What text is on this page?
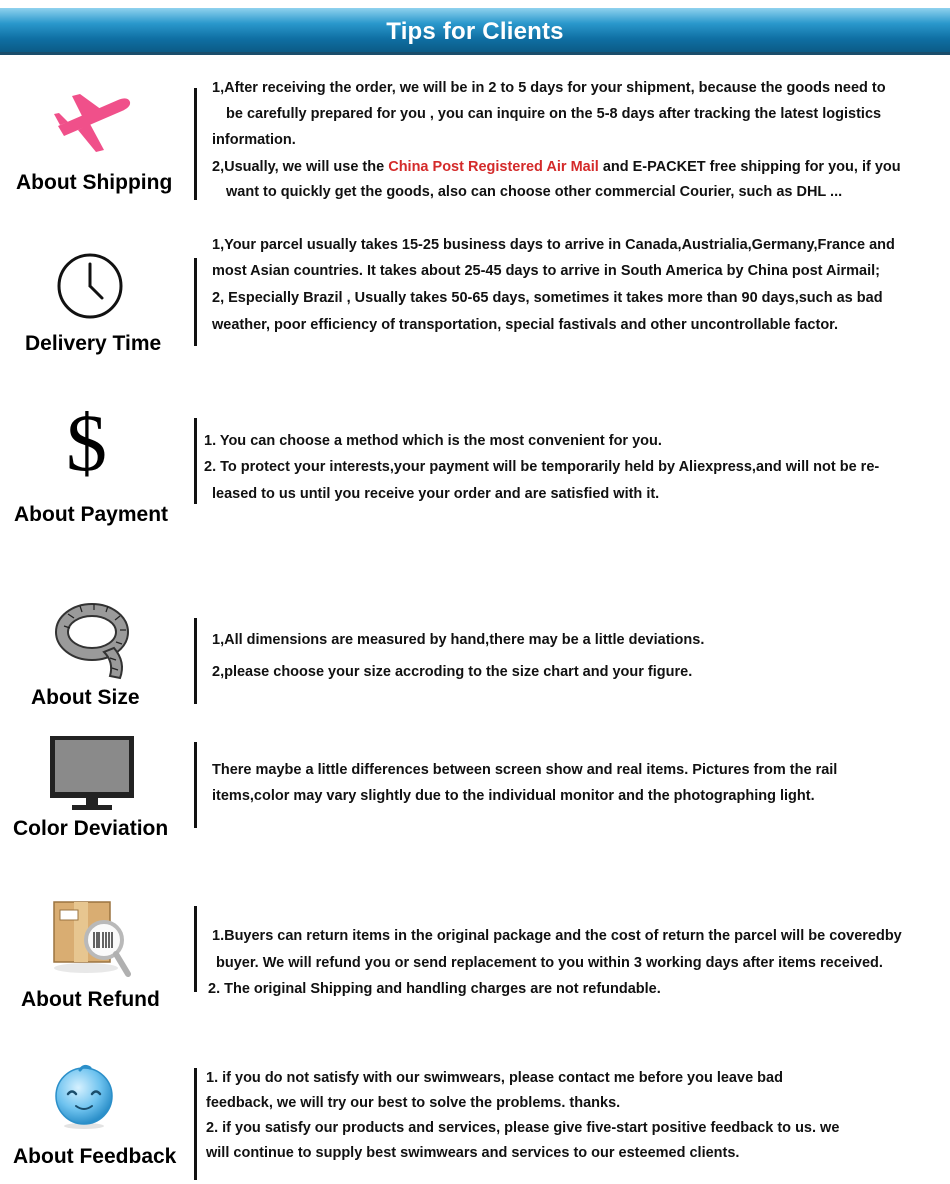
Tips for Clients
About Shipping
1,After receiving the order, we will be in 2 to 5 days for your shipment, because the goods need to
be carefully prepared for you , you can inquire on the 5-8 days after tracking the latest logistics
information.
2,Usually, we will use the China Post Registered Air Mail and E-PACKET free shipping for you, if you
want to quickly get the goods, also can choose other commercial Courier, such as DHL ...
Delivery Time
1,Your parcel usually takes 15-25 business days to arrive in Canada,Austrialia,Germany,France and
most Asian countries. It takes about 25-45 days to arrive in South America by China post Airmail;
2, Especially Brazil , Usually takes 50-65 days, sometimes it takes more than 90 days,such as bad
weather, poor efficiency of transportation, special fastivals and other uncontrollable factor.
$
About Payment
1. You can choose a method which is the most convenient for you.
2. To protect your interests,your payment will be temporarily held by Aliexpress,and will not be re-
leased to us until you receive your order and are satisfied with it.
About Size
1,All dimensions are measured by hand,there may be a little deviations.
2,please choose your size accroding to the size chart and your figure.
Color Deviation
There maybe a little differences between screen show and real items. Pictures from the rail
items,color may vary slightly due to the individual monitor and the photographing light.
About Refund
1.Buyers can return items in the original package and the cost of return the parcel will be coveredby
buyer. We will refund you or send replacement to you within 3 working days after items received.
2. The original Shipping and handling charges are not refundable.
About Feedback
1. if you do not satisfy with our swimwears, please contact me before you leave bad
feedback, we will try our best to solve the problems. thanks.
2. if you satisfy our products and services, please give five-start positive feedback to us. we
will continue to supply best swimwears and services to our esteemed clients.
